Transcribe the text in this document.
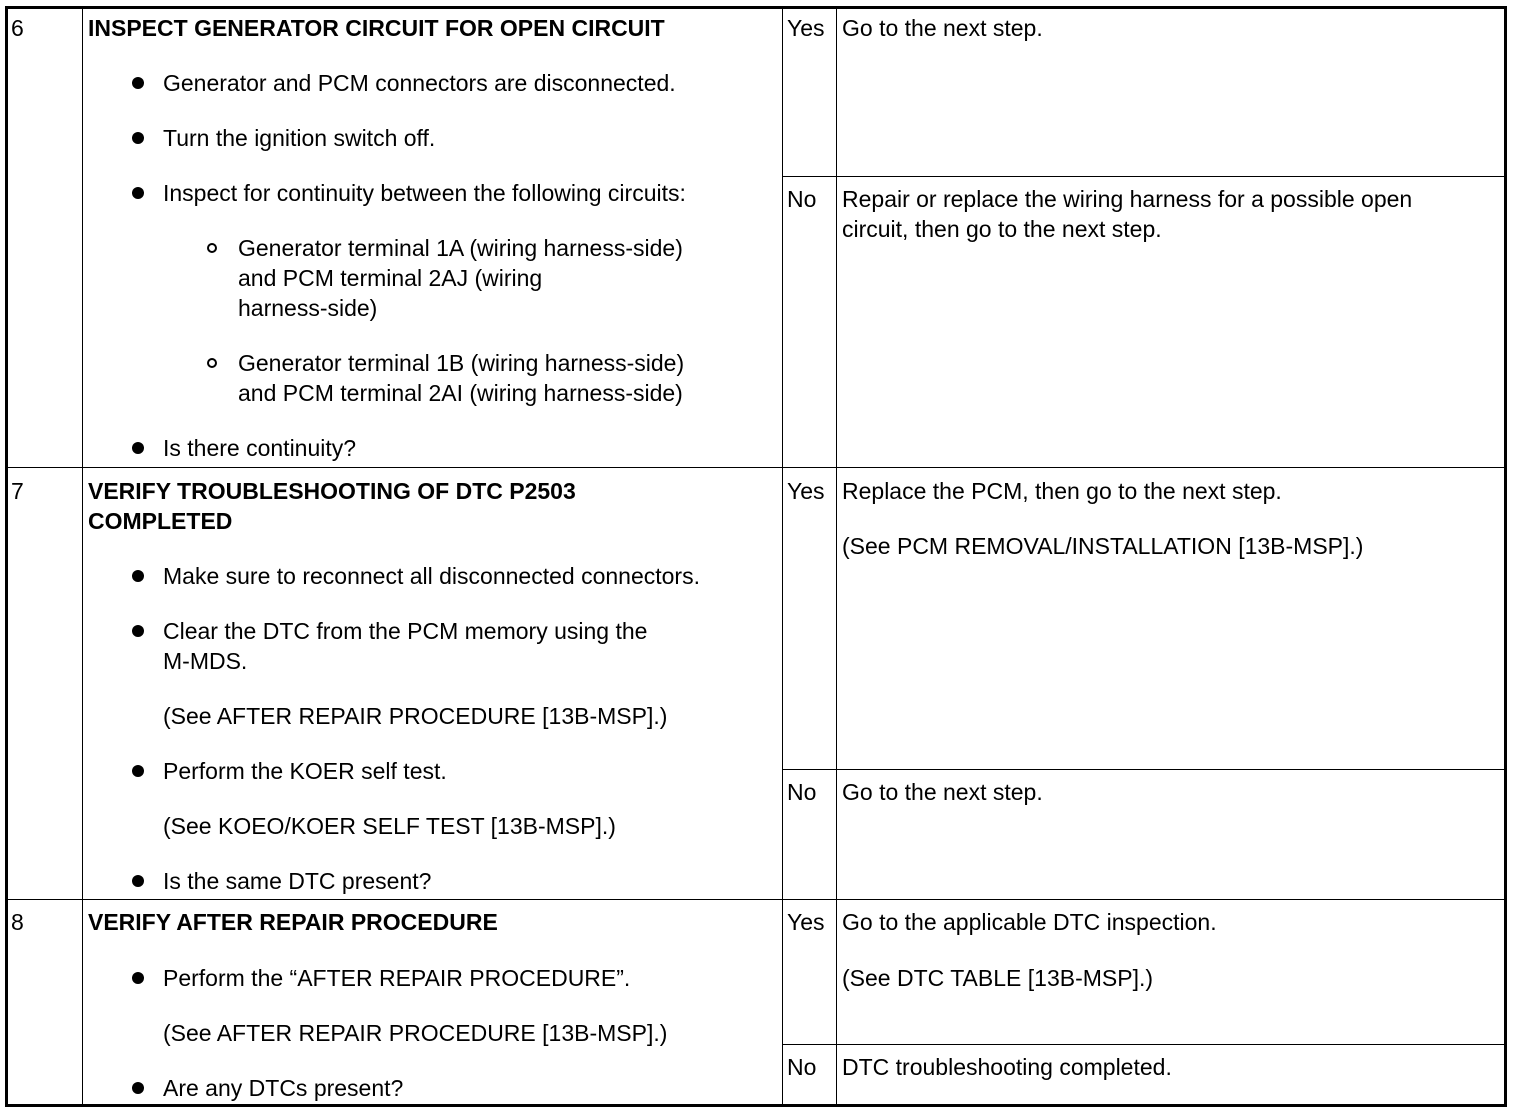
6	INSPECT GENERATOR CIRCUIT FOR OPEN CIRCUIT
Generator and PCM connectors are disconnected.
Turn the ignition switch off.
Inspect for continuity between the following circuits:
Generator terminal 1A (wiring harness-side)
and PCM terminal 2AJ (wiring
harness-side)
Generator terminal 1B (wiring harness-side)
and PCM terminal 2AI (wiring harness-side)
Is there continuity?
Yes Go to the next step.
No Repair or replace the wiring harness for a possible open
circuit, then go to the next step.
7	VERIFY TROUBLESHOOTING OF DTC P2503
COMPLETED
Make sure to reconnect all disconnected connectors.
Clear the DTC from the PCM memory using the
M-MDS.
(See AFTER REPAIR PROCEDURE [13B-MSP].)
Perform the KOER self test.
(See KOEO/KOER SELF TEST [13B-MSP].)
Is the same DTC present?
Yes Replace the PCM, then go to the next step.
(See PCM REMOVAL/INSTALLATION [13B-MSP].)
No Go to the next step.
8	VERIFY AFTER REPAIR PROCEDURE
Perform the “AFTER REPAIR PROCEDURE”.
(See AFTER REPAIR PROCEDURE [13B-MSP].)
Are any DTCs present?
Yes Go to the applicable DTC inspection.
(See DTC TABLE [13B-MSP].)
No DTC troubleshooting completed.
